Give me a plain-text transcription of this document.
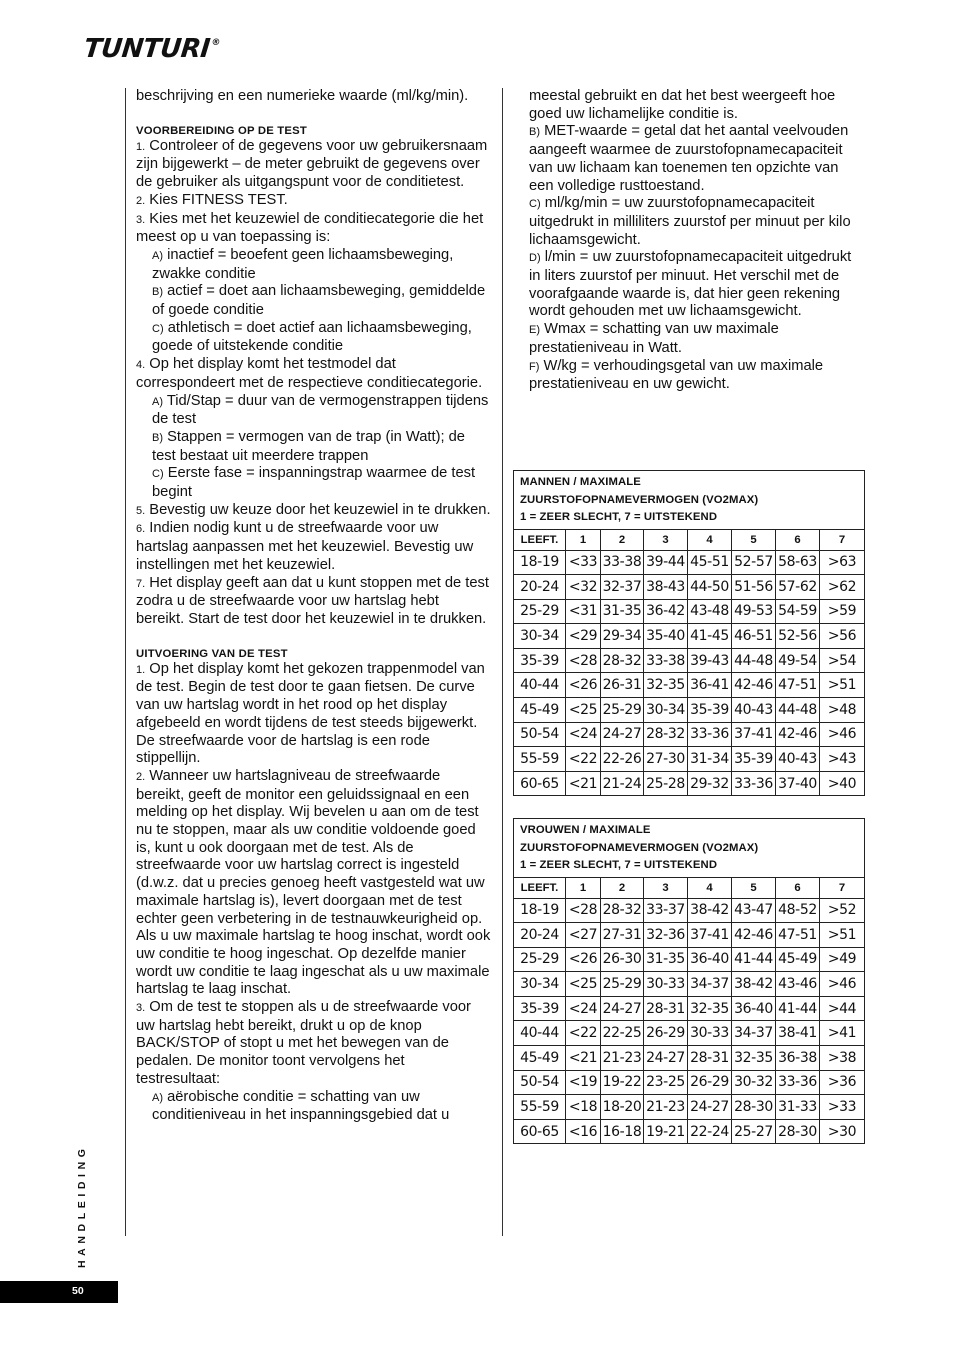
TUNTURI®

beschrijving en een numerieke waarde (ml/kg/min).

VOORBEREIDING OP DE TEST

1. Controleer of de gegevens voor uw gebruikersnaam zijn bijgewerkt – de meter gebruikt de gegevens over de gebruiker als uitgangspunt voor de conditietest.

2. Kies FITNESS TEST.

3. Kies met het keuzewiel de conditiecategorie die het meest op u van toepassing is:

A) inactief = beoefent geen lichaamsbeweging, zwakke conditie

B) actief = doet aan lichaamsbeweging, gemiddelde of goede conditie

C) athletisch = doet actief aan lichaamsbeweging, goede of uitstekende conditie

4. Op het display komt het testmodel dat correspondeert met de respectieve conditiecategorie.

A) Tid/Stap = duur van de vermogenstrappen tijdens de test

B) Stappen = vermogen van de trap (in Watt); de test bestaat uit meerdere trappen

C) Eerste fase = inspanningstrap waarmee de test begint

5. Bevestig uw keuze door het keuzewiel in te drukken.

6. Indien nodig kunt u de streefwaarde voor uw hartslag aanpassen met het keuzewiel. Bevestig uw instellingen met het keuzewiel.

7. Het display geeft aan dat u kunt stoppen met de test zodra u de streefwaarde voor uw hartslag hebt bereikt. Start de test door het keuzewiel in te drukken.

UITVOERING VAN DE TEST

1. Op het display komt het gekozen trappenmodel van de test. Begin de test door te gaan fietsen. De curve van uw hartslag wordt in het rood op het display afgebeeld en wordt tijdens de test steeds bijgewerkt. De streefwaarde voor de hartslag is een rode stippellijn.

2. Wanneer uw hartslagniveau de streefwaarde bereikt, geeft de monitor een geluidssignaal en een melding op het display. Wij bevelen u aan om de test nu te stoppen, maar als uw conditie voldoende goed is, kunt u ook doorgaan met de test. Als de streefwaarde voor uw hartslag correct is ingesteld (d.w.z. dat u precies genoeg heeft vastgesteld wat uw maximale hartslag is), levert doorgaan met de test echter geen verbetering in de testnauwkeurigheid op. Als u uw maximale hartslag te hoog inschat, wordt ook uw conditie te hoog ingeschat. Op dezelfde manier wordt uw conditie te laag ingeschat als u uw maximale hartslag te laag inschat.

3. Om de test te stoppen als u de streefwaarde voor uw hartslag hebt bereikt, drukt u op de knop BACK/STOP of stopt u met het bewegen van de pedalen. De monitor toont vervolgens het testresultaat:

A) aërobische conditie = schatting van uw conditieniveau in het inspanningsgebied dat u

meestal gebruikt en dat het best weergeeft hoe goed uw lichamelijke conditie is.

B) MET-waarde = getal dat het aantal veelvouden aangeeft waarmee de zuurstofopnamecapaciteit van uw lichaam kan toenemen ten opzichte van een volledige rusttoestand.

C) ml/kg/min = uw zuurstofopnamecapaciteit uitgedrukt in milliliters zuurstof per minuut per kilo lichaamsgewicht.

D) l/min = uw zuurstofopnamecapaciteit uitgedrukt in liters zuurstof per minuut. Het verschil met de voorafgaande waarde is, dat hier geen rekening wordt gehouden met uw lichaamsgewicht.

E) Wmax = schatting van uw maximale prestatieniveau in Watt.

F) W/kg = verhoudingsgetal van uw maximale prestatieniveau en uw gewicht.

MANNEN / MAXIMALE
ZUURSTOFOPNAMEVERMOGEN (VO2MAX)
1 = ZEER SLECHT, 7 = UITSTEKEND							

LEEFT.	1	2	3	4	5	6	7
18-19	<33	33-38	39-44	45-51	52-57	58-63	>63
20-24	<32	32-37	38-43	44-50	51-56	57-62	>62
25-29	<31	31-35	36-42	43-48	49-53	54-59	>59
30-34	<29	29-34	35-40	41-45	46-51	52-56	>56
35-39	<28	28-32	33-38	39-43	44-48	49-54	>54
40-44	<26	26-31	32-35	36-41	42-46	47-51	>51
45-49	<25	25-29	30-34	35-39	40-43	44-48	>48
50-54	<24	24-27	28-32	33-36	37-41	42-46	>46
55-59	<22	22-26	27-30	31-34	35-39	40-43	>43
60-65	<21	21-24	25-28	29-32	33-36	37-40	>40
VROUWEN / MAXIMALE
ZUURSTOFOPNAMEVERMOGEN (VO2MAX)
1 = ZEER SLECHT, 7 = UITSTEKEND							

LEEFT.	1	2	3	4	5	6	7
18-19	<28	28-32	33-37	38-42	43-47	48-52	>52
20-24	<27	27-31	32-36	37-41	42-46	47-51	>51
25-29	<26	26-30	31-35	36-40	41-44	45-49	>49
30-34	<25	25-29	30-33	34-37	38-42	43-46	>46
35-39	<24	24-27	28-31	32-35	36-40	41-44	>44
40-44	<22	22-25	26-29	30-33	34-37	38-41	>41
45-49	<21	21-23	24-27	28-31	32-35	36-38	>38
50-54	<19	19-22	23-25	26-29	30-32	33-36	>36
55-59	<18	18-20	21-23	24-27	28-30	31-33	>33
60-65	<16	16-18	19-21	22-24	25-27	28-30	>30
HANDLEIDING
50
